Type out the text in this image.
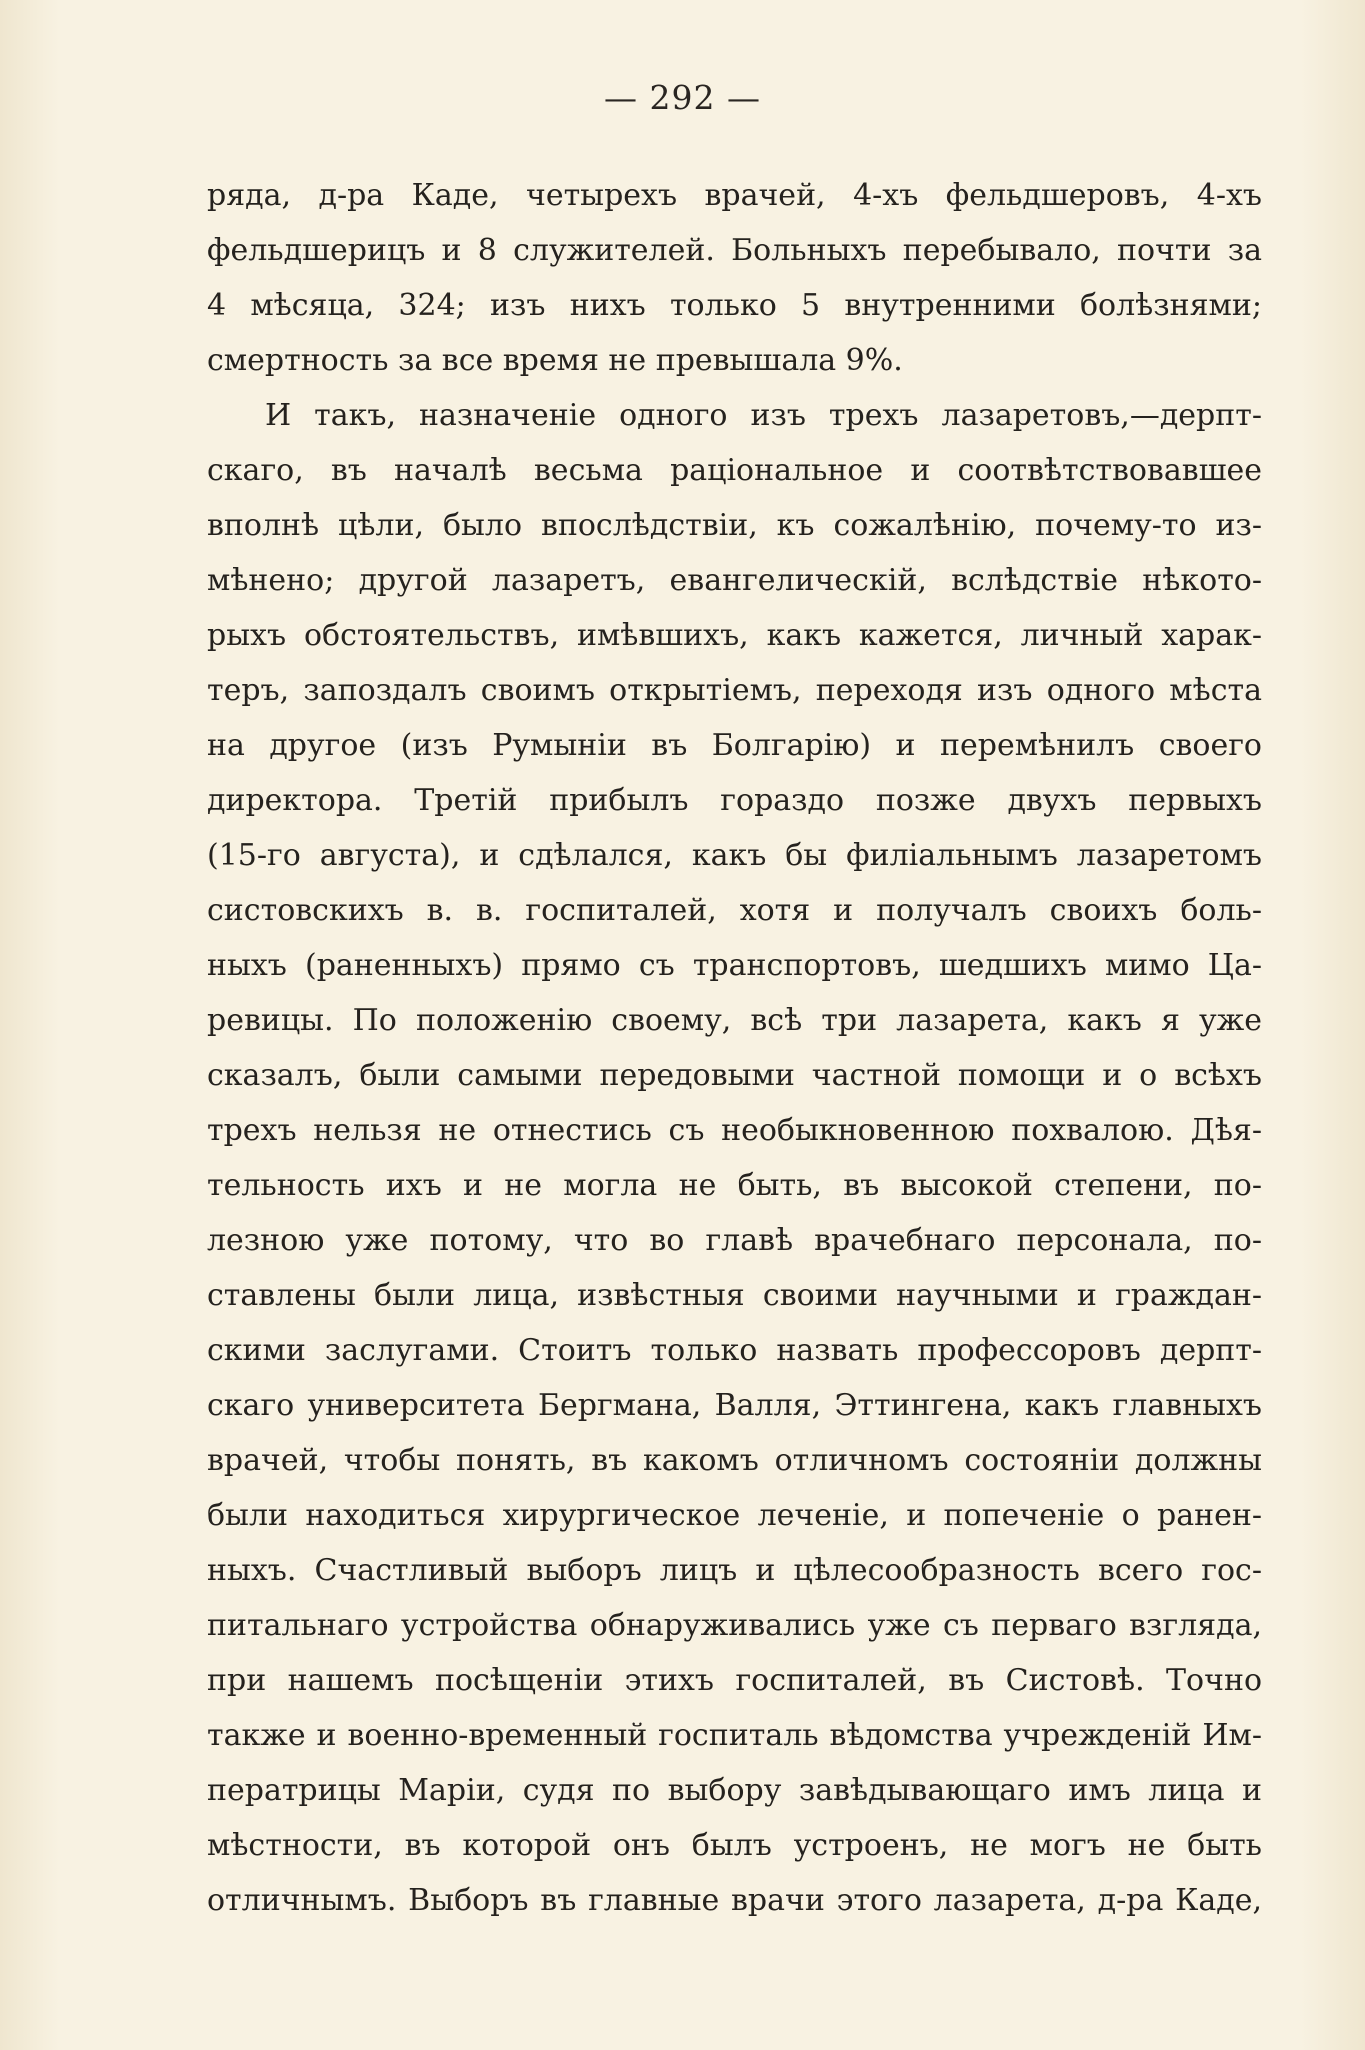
— 292 —
ряда, д-ра Каде, четырехъ врачей, 4-хъ фельдшеровъ, 4-хъ
фельдшерицъ и 8 служителей. Больныхъ перебывало, почти за
4 мѣсяца, 324; изъ нихъ только 5 внутренними болѣзнями;
смертность за все время не превышала 9%.
И такъ, назначеніе одного изъ трехъ лазаретовъ,—дерпт-
скаго, въ началѣ весьма раціональное и соотвѣтствовавшее
вполнѣ цѣли, было впослѣдствіи, къ сожалѣнію, почему-то из-
мѣнено; другой лазаретъ, евангелическій, вслѣдствіе нѣкото-
рыхъ обстоятельствъ, имѣвшихъ, какъ кажется, личный харак-
теръ, запоздалъ своимъ открытіемъ, переходя изъ одного мѣста
на другое (изъ Румыніи въ Болгарію) и перемѣнилъ своего
директора. Третій прибылъ гораздо позже двухъ первыхъ
(15-го августа), и сдѣлался, какъ бы филіальнымъ лазаретомъ
систовскихъ в. в. госпиталей, хотя и получалъ своихъ боль-
ныхъ (раненныхъ) прямо съ транспортовъ, шедшихъ мимо Ца-
ревицы. По положенію своему, всѣ три лазарета, какъ я уже
сказалъ, были самыми передовыми частной помощи и о всѣхъ
трехъ нельзя не отнестись съ необыкновенною похвалою. Дѣя-
тельность ихъ и не могла не быть, въ высокой степени, по-
лезною уже потому, что во главѣ врачебнаго персонала, по-
ставлены были лица, извѣстныя своими научными и граждан-
скими заслугами. Стоитъ только назвать профессоровъ дерпт-
скаго университета Бергмана, Валля, Эттингена, какъ главныхъ
врачей, чтобы понять, въ какомъ отличномъ состояніи должны
были находиться хирургическое леченіе, и попеченіе о ранен-
ныхъ. Счастливый выборъ лицъ и цѣлесообразность всего гос-
питальнаго устройства обнаруживались уже съ перваго взгляда,
при нашемъ посѣщеніи этихъ госпиталей, въ Систовѣ. Точно
также и военно-временный госпиталь вѣдомства учрежденій Им-
ператрицы Маріи, судя по выбору завѣдывающаго имъ лица и
мѣстности, въ которой онъ былъ устроенъ, не могъ не быть
отличнымъ. Выборъ въ главные врачи этого лазарета, д-ра Каде,
